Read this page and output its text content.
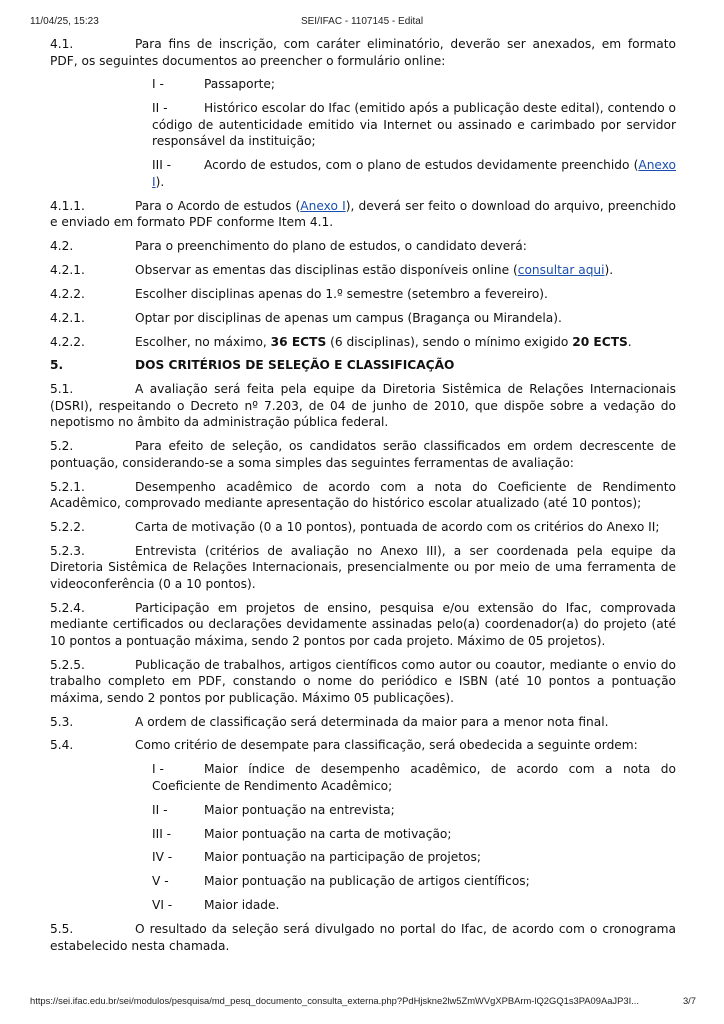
11/04/25, 15:23	SEI/IFAC - 1107145 - Edital
4.1.	Para fins de inscrição, com caráter eliminatório, deverão ser anexados, em formato PDF, os seguintes documentos ao preencher o formulário online:
I -	Passaporte;
II -	Histórico escolar do Ifac (emitido após a publicação deste edital), contendo o código de autenticidade emitido via Internet ou assinado e carimbado por servidor responsável da instituição;
III -	Acordo de estudos, com o plano de estudos devidamente preenchido (Anexo I).
4.1.1.	Para o Acordo de estudos (Anexo I), deverá ser feito o download do arquivo, preenchido e enviado em formato PDF conforme Item 4.1.
4.2.	Para o preenchimento do plano de estudos, o candidato deverá:
4.2.1.	Observar as ementas das disciplinas estão disponíveis online (consultar aqui).
4.2.2.	Escolher disciplinas apenas do 1.º semestre (setembro a fevereiro).
4.2.1.	Optar por disciplinas de apenas um campus (Bragança ou Mirandela).
4.2.2.	Escolher, no máximo, 36 ECTS (6 disciplinas), sendo o mínimo exigido 20 ECTS.
5.	DOS CRITÉRIOS DE SELEÇÃO E CLASSIFICAÇÃO
5.1.	A avaliação será feita pela equipe da Diretoria Sistêmica de Relações Internacionais (DSRI), respeitando o Decreto nº 7.203, de 04 de junho de 2010, que dispõe sobre a vedação do nepotismo no âmbito da administração pública federal.
5.2.	Para efeito de seleção, os candidatos serão classificados em ordem decrescente de pontuação, considerando-se a soma simples das seguintes ferramentas de avaliação:
5.2.1.	Desempenho acadêmico de acordo com a nota do Coeficiente de Rendimento Acadêmico, comprovado mediante apresentação do histórico escolar atualizado (até 10 pontos);
5.2.2.	Carta de motivação (0 a 10 pontos), pontuada de acordo com os critérios do Anexo II;
5.2.3.	Entrevista (critérios de avaliação no Anexo III), a ser coordenada pela equipe da Diretoria Sistêmica de Relações Internacionais, presencialmente ou por meio de uma ferramenta de videoconferência (0 a 10 pontos).
5.2.4.	Participação em projetos de ensino, pesquisa e/ou extensão do Ifac, comprovada mediante certificados ou declarações devidamente assinadas pelo(a) coordenador(a) do projeto (até 10 pontos a pontuação máxima, sendo 2 pontos por cada projeto. Máximo de 05 projetos).
5.2.5.	Publicação de trabalhos, artigos científicos como autor ou coautor, mediante o envio do trabalho completo em PDF, constando o nome do periódico e ISBN (até 10 pontos a pontuação máxima, sendo 2 pontos por publicação. Máximo 05 publicações).
5.3.	A ordem de classificação será determinada da maior para a menor nota final.
5.4.	Como critério de desempate para classificação, será obedecida a seguinte ordem:
I -	Maior índice de desempenho acadêmico, de acordo com a nota do Coeficiente de Rendimento Acadêmico;
II -	Maior pontuação na entrevista;
III -	Maior pontuação na carta de motivação;
IV -	Maior pontuação na participação de projetos;
V -	Maior pontuação na publicação de artigos científicos;
VI -	Maior idade.
5.5.	O resultado da seleção será divulgado no portal do Ifac, de acordo com o cronograma estabelecido nesta chamada.
https://sei.ifac.edu.br/sei/modulos/pesquisa/md_pesq_documento_consulta_externa.php?PdHjskne2lw5ZmWVgXPBArm-lQ2GQ1s3PA09AaJP3I...	3/7
